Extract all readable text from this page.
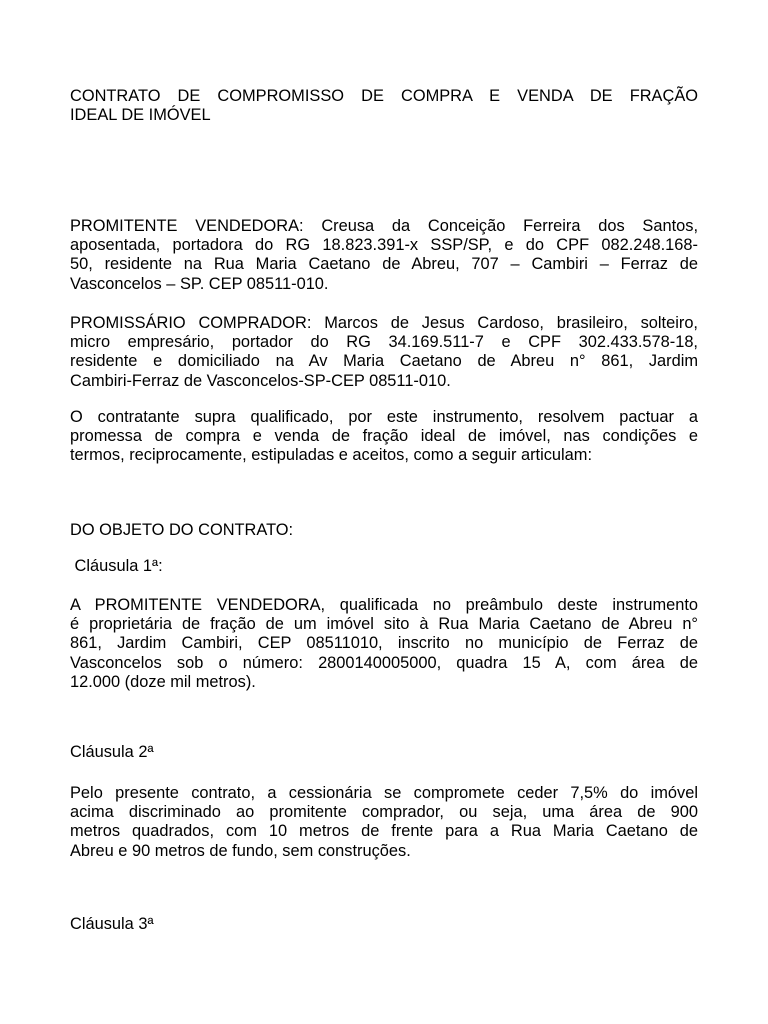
CONTRATO DE COMPROMISSO DE COMPRA E VENDA DE FRAÇÃO
IDEAL DE IMÓVEL
PROMITENTE VENDEDORA: Creusa da Conceição Ferreira dos Santos,
aposentada, portadora do RG 18.823.391-x SSP/SP, e do CPF 082.248.168-
50, residente na Rua Maria Caetano de Abreu, 707 – Cambiri – Ferraz de
Vasconcelos – SP. CEP 08511-010.
PROMISSÁRIO COMPRADOR: Marcos de Jesus Cardoso, brasileiro, solteiro,
micro empresário, portador do RG 34.169.511-7 e CPF 302.433.578-18,
residente e domiciliado na Av Maria Caetano de Abreu n° 861, Jardim
Cambiri-Ferraz de Vasconcelos-SP-CEP 08511-010.
O contratante supra qualificado, por este instrumento, resolvem pactuar a
promessa de compra e venda de fração ideal de imóvel, nas condições e
termos, reciprocamente, estipuladas e aceitos, como a seguir articulam:
DO OBJETO DO CONTRATO:
Cláusula 1ª:
A PROMITENTE VENDEDORA, qualificada no preâmbulo deste instrumento
é proprietária de fração de um imóvel sito à Rua Maria Caetano de Abreu n°
861, Jardim Cambiri, CEP 08511010, inscrito no município de Ferraz de
Vasconcelos sob o número: 2800140005000, quadra 15 A, com área de
12.000 (doze mil metros).
Cláusula 2ª
Pelo presente contrato, a cessionária se compromete ceder 7,5% do imóvel
acima discriminado ao promitente comprador, ou seja, uma área de 900
metros quadrados, com 10 metros de frente para a Rua Maria Caetano de
Abreu e 90 metros de fundo, sem construções.
Cláusula 3ª
